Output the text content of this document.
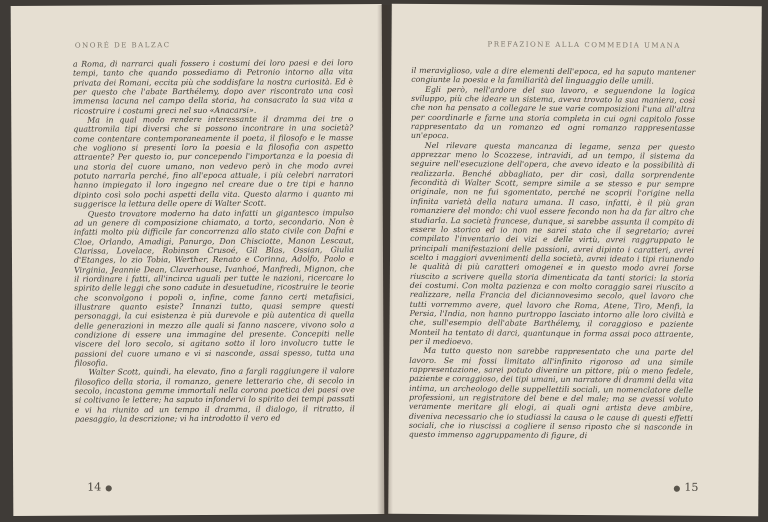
ONORÉ DE BALZAC

a Roma, di narrarci quali fossero i costumi dei loro paesi e dei loro tempi, tanto che quando possediamo di Petronio intorno alla vita privata dei Romani, eccita più che soddisfare la nostra curiosità. Ed è per questo che l'abate Barthélemy, dopo aver riscontrato una così immensa lacuna nel campo della storia, ha consacrato la sua vita a ricostruire i costumi greci nel suo «Anacarsi».

Ma in qual modo rendere interessante il dramma dei tre o quattromila tipi diversi che si possono incontrare in una società? come contentare contemporaneamente il poeta, il filosofo e le masse che vogliono si presenti loro la poesia e la filosofia con aspetto attraente? Per questo io, pur concependo l'importanza e la poesia di una storia del cuore umano, non vedevo però in che modo avrei potuto narrarla perché, fino all'epoca attuale, i più celebri narratori hanno impiegato il loro ingegno nel creare due o tre tipi e hanno dipinto così solo pochi aspetti della vita. Questo alarmo i quanto mi suggerisce la lettura delle opere di Walter Scott.

Questo trovatore moderno ha dato infatti un gigantesco impulso ad un genere di composizione chiamato, a torto, secondario. Non è infatti molto più difficile far concorrenza allo stato civile con Dafni e Cloe, Orlando, Amadigi, Panurgo, Don Chisciotte, Manon Lescaut, Clarissa, Lovelace, Robinson Crusoé, Gil Blas, Ossian, Giulia d'Etanges, lo zio Tobia, Werther, Renato e Corinna, Adolfo, Paolo e Virginia, Jeannie Dean, Claverhouse, Ivanhoé, Manfredi, Mignon, che il riordinare i fatti, all'incirca uguali per tutte le nazioni, ricercare lo spirito delle leggi che sono cadute in desuetudine, ricostruire le teorie che sconvolgono i popoli o, infine, come fanno certi metafisici, illustrare quanto esiste? Innanzi tutto, quasi sempre questi personaggi, la cui esistenza è più durevole e più autentica di quella delle generazioni in mezzo alle quali si fanno nascere, vivono solo a condizione di essere una immagine del presente. Concepiti nelle viscere del loro secolo, si agitano sotto il loro involucro tutte le passioni del cuore umano e vi si nasconde, assai spesso, tutta una filosofia.

Walter Scott, quindi, ha elevato, fino a fargli raggiungere il valore filosofico della storia, il romanzo, genere letterario che, di secolo in secolo, incastona gemme immortali nella corona poetica dei paesi ove si coltivano le lettere; ha saputo infondervi lo spirito dei tempi passati e vi ha riunito ad un tempo il dramma, il dialogo, il ritratto, il paesaggio, la descrizione; vi ha introdotto il vero ed

14 ●
PREFAZIONE ALLA COMMEDIA UMANA

il meraviglioso, vale a dire elementi dell'epoca, ed ha saputo mantener congiunte la poesia e la familiarità del linguaggio delle umili.

Egli però, nell'ardore del suo lavoro, e seguendone la logica sviluppo, più che ideare un sistema, aveva trovato la sua maniera, così che non ha pensato a collegare le sue varie composizioni l'una all'altra per coordinarle e farne una storia completa in cui ogni capitolo fosse rappresentato da un romanzo ed ogni romanzo rappresentasse un'epoca.

Nel rilevare questa mancanza di legame, senza per questo apprezzar meno lo Scozzese, intravidi, ad un tempo, il sistema da seguire nell'esecuzione dell'opera, che avevo ideato e la possibilità di realizzarla. Benché abbagliato, per dir così, dalla sorprendente fecondità di Walter Scott, sempre simile a se stesso e pur sempre originale, non ne fui sgomentato, perché ne scoprii l'origine nella infinita varietà della natura umana. Il caso, infatti, è il più gran romanziere del mondo: chi vuol essere fecondo non ha da far altro che studiarla. La società francese, dunque, si sarebbe assunta il compito di essere lo storico ed io non ne sarei stato che il segretario; avrei compilato l'inventario dei vizi e delle virtù, avrei raggruppato le principali manifestazioni delle passioni, avrei dipinto i caratteri, avrei scelto i maggiori avvenimenti della società, avrei ideato i tipi riunendo le qualità di più caratteri omogenei e in questo modo avrei forse riuscito a scrivere quella storia dimenticata da tanti storici: la storia dei costumi. Con molta pazienza e con molto coraggio sarei riuscito a realizzare, nella Francia del diciannovesimo secolo, quel lavoro che tutti vorremmo avere, quel lavoro che Roma, Atene, Tiro, Menfi, la Persia, l'India, non hanno purtroppo lasciato intorno alle loro civiltà e che, sull'esempio dell'abate Barthélemy, il coraggioso e paziente Monteil ha tentato di darci, quantunque in forma assai poco attraente, per il medioevo.

Ma tutto questo non sarebbe rappresentato che una parte del lavoro. Se mi fossi limitato all'infinito rigoroso ad una simile rappresentazione, sarei potuto divenire un pittore, più o meno fedele, paziente e coraggioso, dei tipi umani, un narratore di drammi della vita intima, un archeologo delle suppellettili sociali, un nomenclatore delle professioni, un registratore del bene e del male; ma se avessi voluto veramente meritare gli elogi, ai quali ogni artista deve ambire, diveniva necessario che io studiassi la causa o le cause di questi effetti sociali, che io riuscissi a cogliere il senso riposto che si nasconde in questo immenso aggruppamento di figure, di

● 15
